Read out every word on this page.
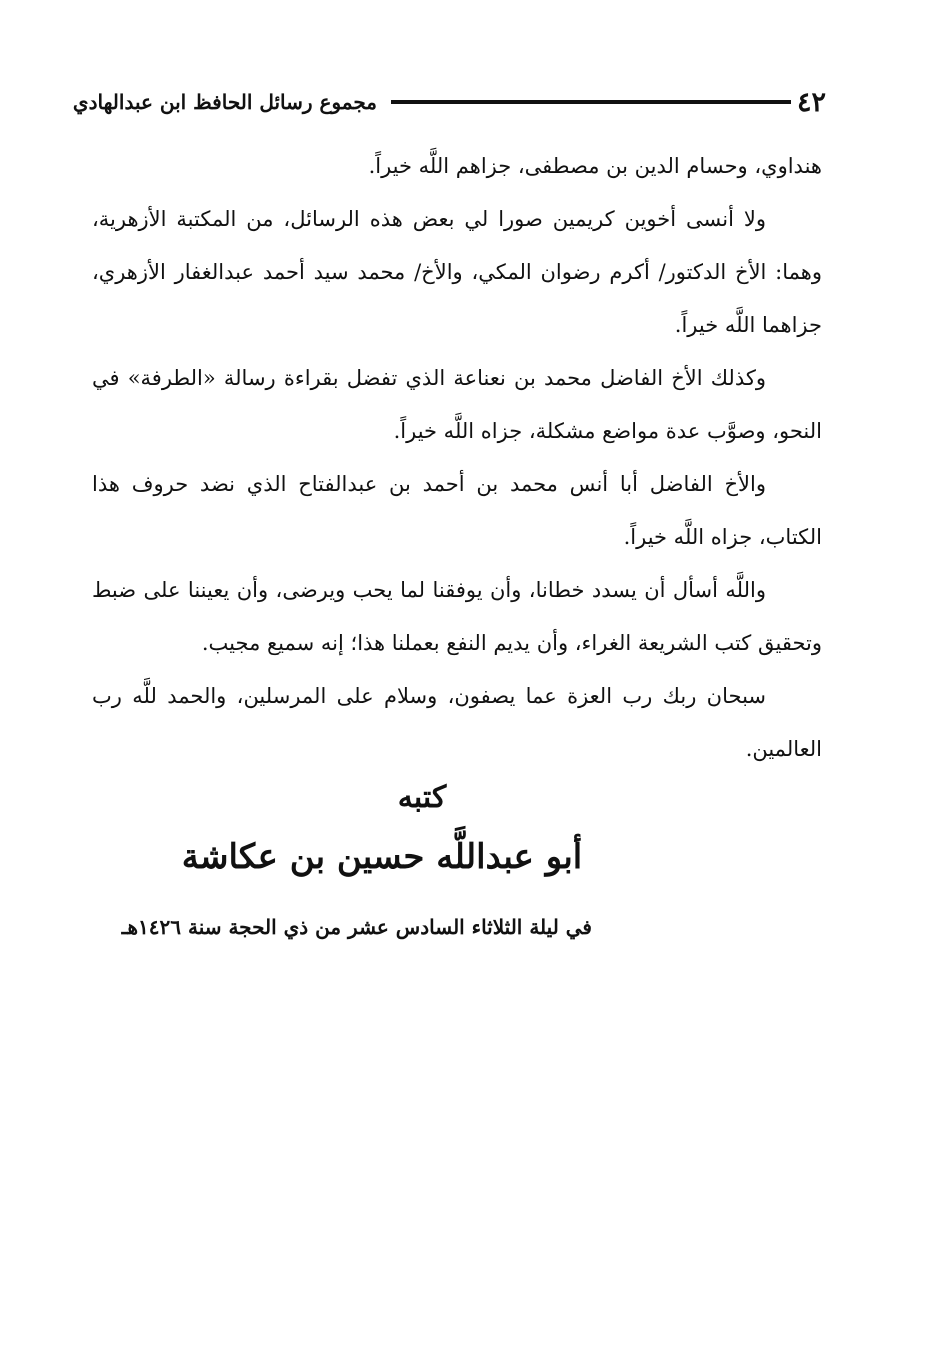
٤٢
مجموع رسائل الحافظ ابن عبدالهادي

هنداوي، وحسام الدين بن مصطفى، جزاهم اللَّه خيراً.

ولا أنسى أخوين كريمين صورا لي بعض هذه الرسائل، من المكتبة الأزهرية، وهما: الأخ الدكتور/ أكرم رضوان المكي، والأخ/ محمد سيد أحمد عبدالغفار الأزهري، جزاهما اللَّه خيراً.

وكذلك الأخ الفاضل محمد بن نعناعة الذي تفضل بقراءة رسالة «الطرفة» في النحو، وصوَّب عدة مواضع مشكلة، جزاه اللَّه خيراً.

والأخ الفاضل أبا أنس محمد بن أحمد بن عبدالفتاح الذي نضد حروف هذا الكتاب، جزاه اللَّه خيراً.

واللَّه أسأل أن يسدد خطانا، وأن يوفقنا لما يحب ويرضى، وأن يعيننا على ضبط وتحقيق كتب الشريعة الغراء، وأن يديم النفع بعملنا هذا؛ إنه سميع مجيب.

سبحان ربك رب العزة عما يصفون، وسلام على المرسلين، والحمد للَّه رب العالمين.

كتبه

أبو عبداللَّه حسين بن عكاشة

في ليلة الثلاثاء السادس عشر من ذي الحجة سنة ١٤٢٦هـ
